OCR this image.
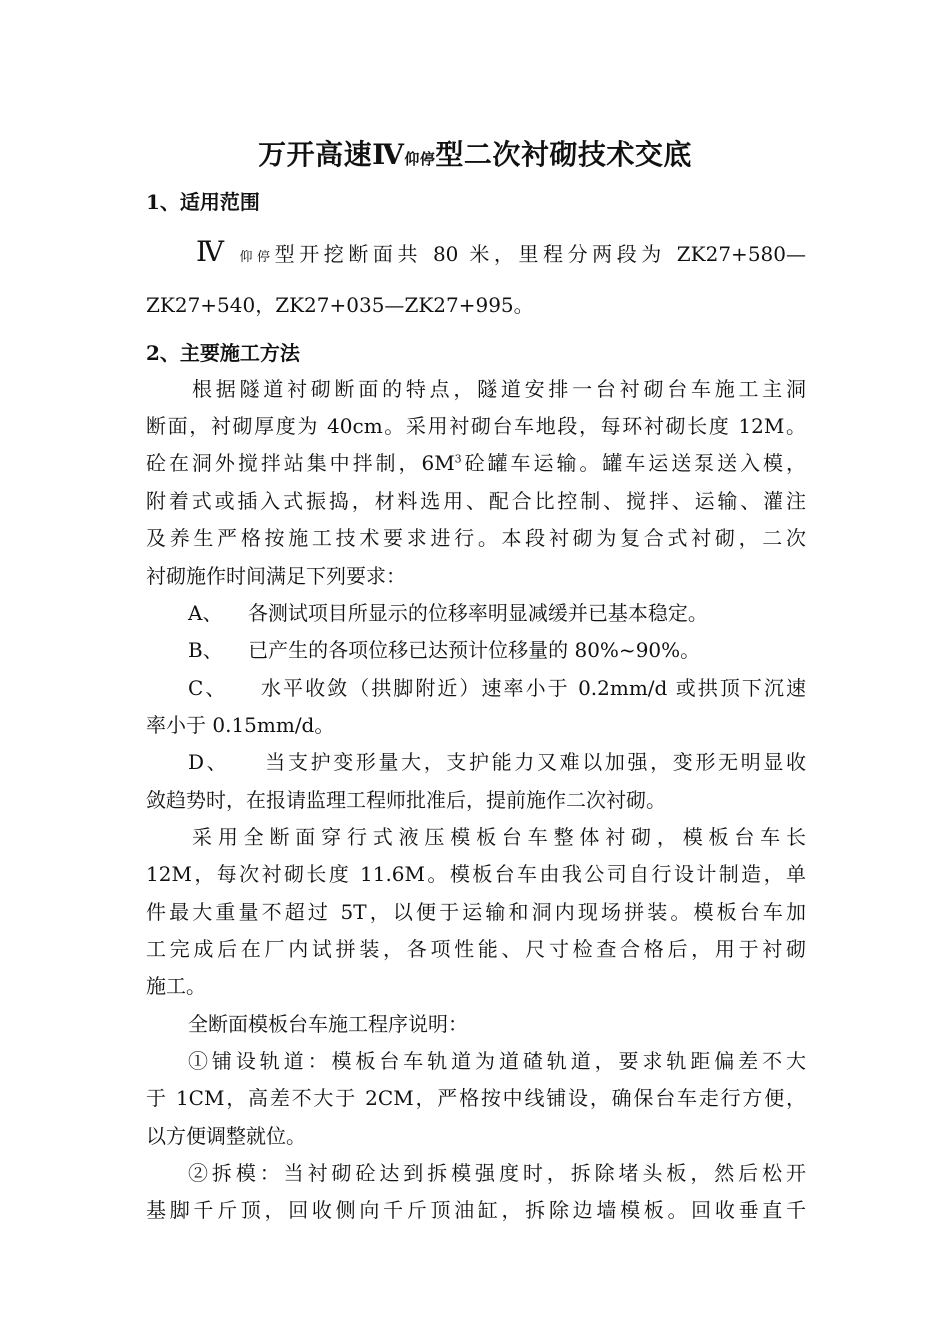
万开高速Ⅳ仰停型二次衬砌技术交底
1、适用范围
Ⅳ 仰停型开挖断面共 80 米，里程分两段为 ZK27+580—
ZK27+540，ZK27+035—ZK27+995。
2、主要施工方法
根据隧道衬砌断面的特点，隧道安排一台衬砌台车施工主洞
断面，衬砌厚度为 40cm。采用衬砌台车地段，每环衬砌长度 12M。
砼在洞外搅拌站集中拌制，$6M^3$砼罐车运输。罐车运送泵送入模，
附着式或插入式振捣，材料选用、配合比控制、搅拌、运输、灌注
及养生严格按施工技术要求进行。本段衬砌为复合式衬砌，二次
衬砌施作时间满足下列要求：
A、    各测试项目所显示的位移率明显减缓并已基本稳定。
B、    已产生的各项位移已达预计位移量的 80%~90%。
C、    水平收敛（拱脚附近）速率小于 0.2mm/d 或拱顶下沉速
率小于 0.15mm/d。
D、    当支护变形量大，支护能力又难以加强，变形无明显收
敛趋势时，在报请监理工程师批准后，提前施作二次衬砌。
采用全断面穿行式液压模板台车整体衬砌，模板台车长
12M，每次衬砌长度 11.6M。模板台车由我公司自行设计制造，单
件最大重量不超过 5T，以便于运输和洞内现场拼装。模板台车加
工完成后在厂内试拼装，各项性能、尺寸检查合格后，用于衬砌
施工。
全断面模板台车施工程序说明：
①铺设轨道：模板台车轨道为道碴轨道，要求轨距偏差不大
于 1CM，高差不大于 2CM，严格按中线铺设，确保台车走行方便，
以方便调整就位。
②拆模：当衬砌砼达到拆模强度时，拆除堵头板，然后松开
基脚千斤顶，回收侧向千斤顶油缸，拆除边墙模板。回收垂直千
